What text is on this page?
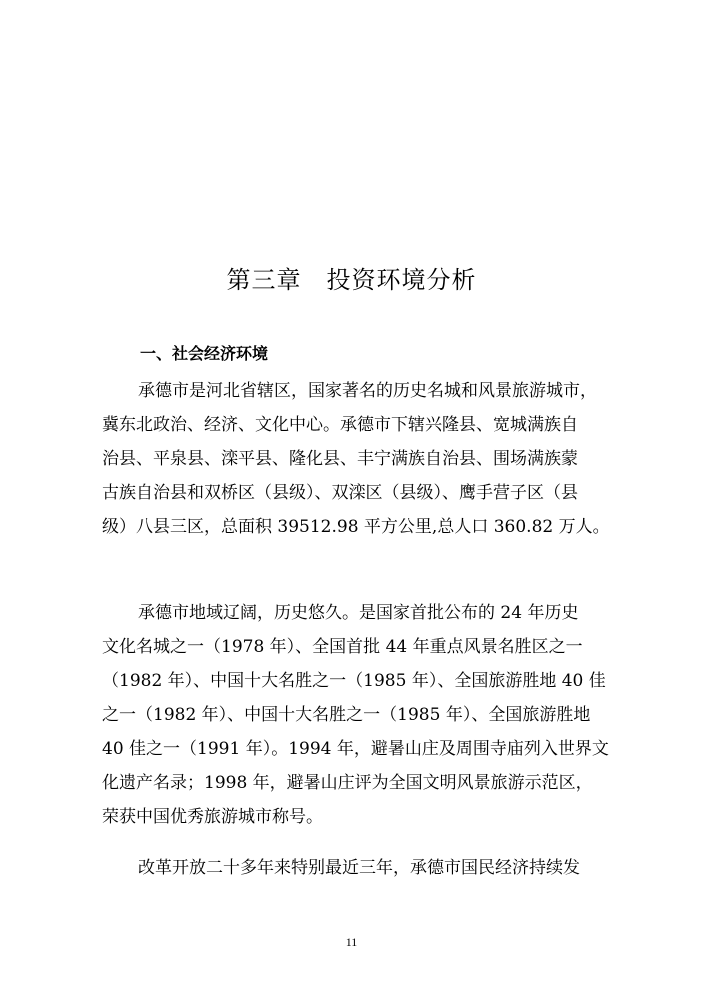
第三章　投资环境分析
一、社会经济环境
承德市是河北省辖区，国家著名的历史名城和风景旅游城市，
冀东北政治、经济、文化中心。承德市下辖兴隆县、宽城满族自
治县、平泉县、滦平县、隆化县、丰宁满族自治县、围场满族蒙
古族自治县和双桥区（县级）、双滦区（县级）、鹰手营子区（县
级）八县三区，总面积 39512.98 平方公里,总人口 360.82 万人。
承德市地域辽阔，历史悠久。是国家首批公布的 24 年历史
文化名城之一（1978 年）、全国首批 44 年重点风景名胜区之一
（1982 年）、中国十大名胜之一（1985 年）、全国旅游胜地 40 佳
之一（1982 年）、中国十大名胜之一（1985 年）、全国旅游胜地
40 佳之一（1991 年）。1994 年，避暑山庄及周围寺庙列入世界文
化遗产名录；1998 年，避暑山庄评为全国文明风景旅游示范区，
荣获中国优秀旅游城市称号。
改革开放二十多年来特别最近三年，承德市国民经济持续发
11
